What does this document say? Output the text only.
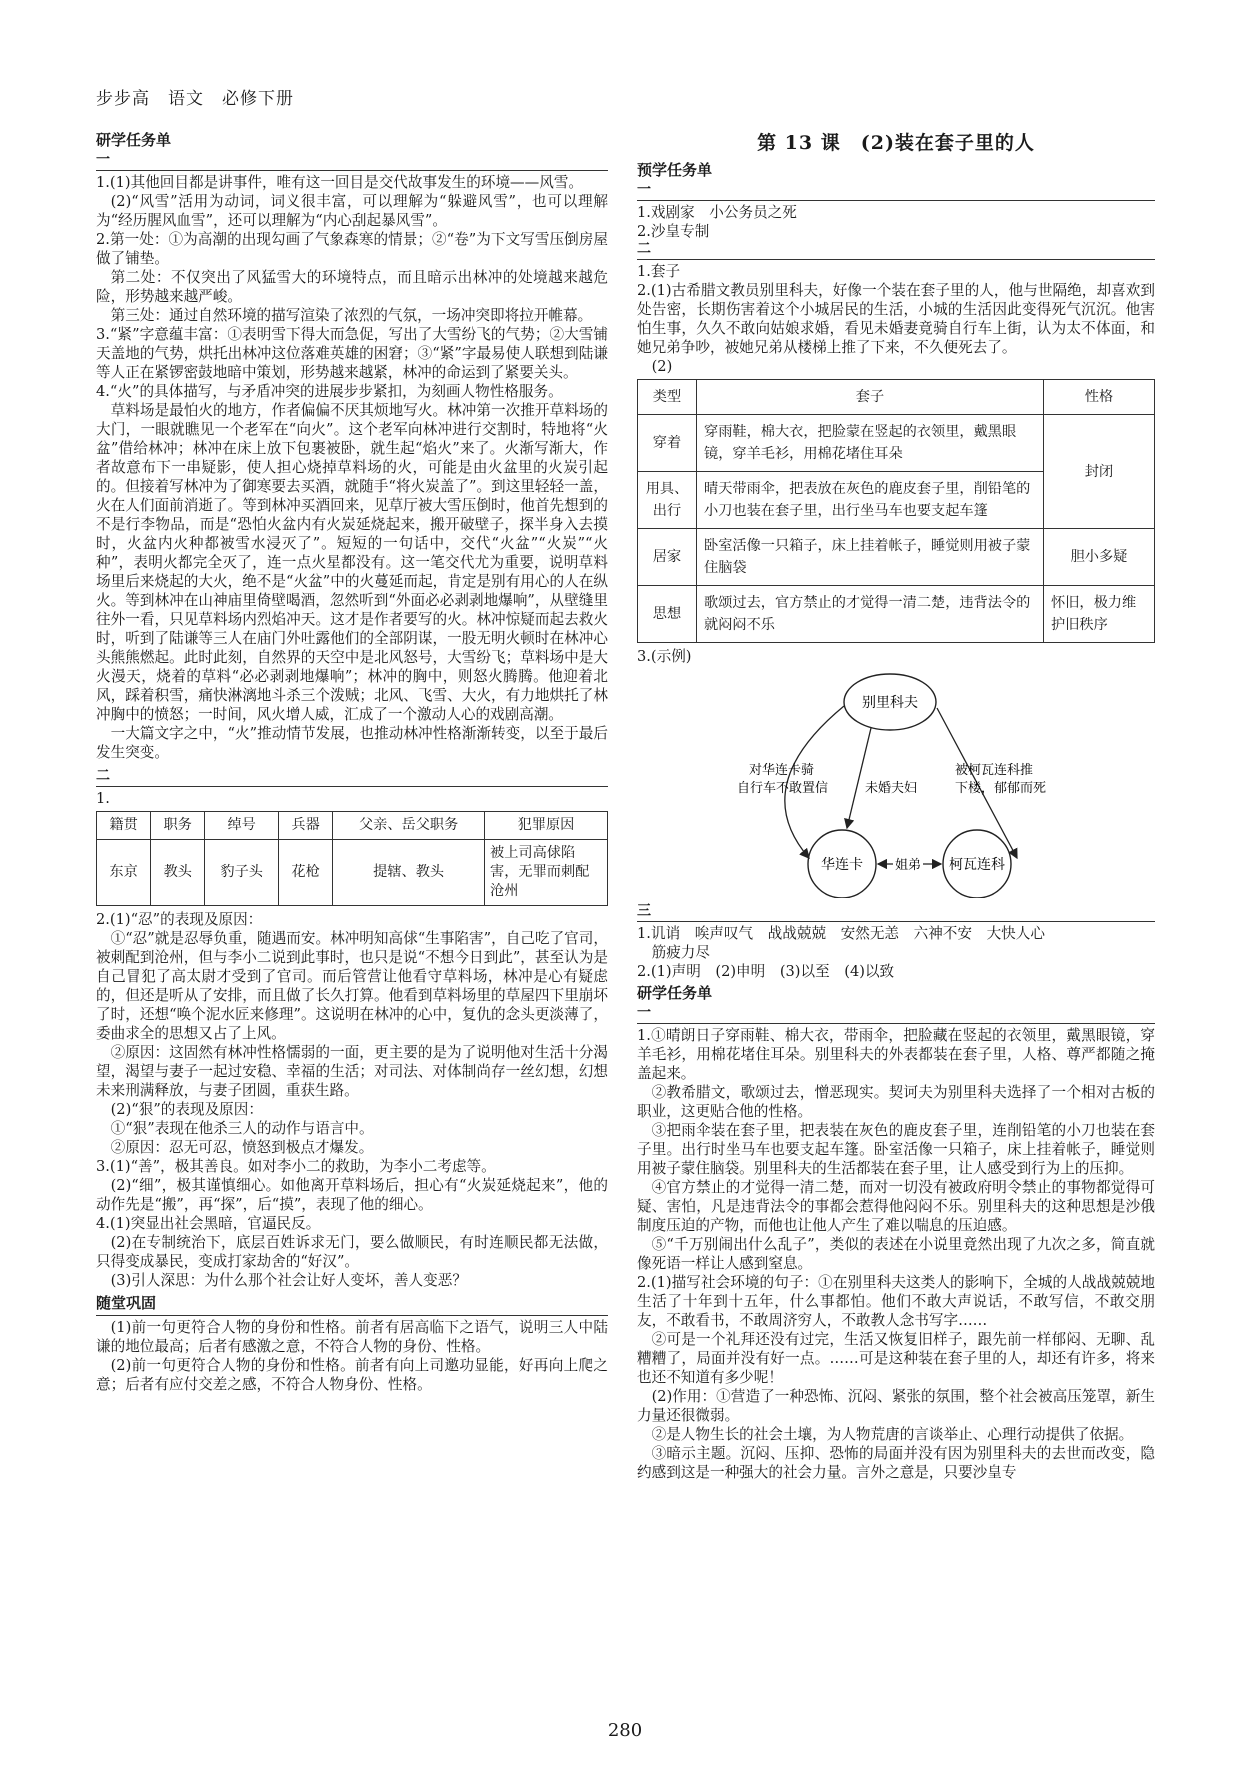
步步高　语文　必修下册
研学任务单
一

1.(1)其他回目都是讲事件，唯有这一回目是交代故事发生的环境——风雪。

(2)“风雪”活用为动词，词义很丰富，可以理解为“躲避风雪”，也可以理解为“经历腥风血雪”，还可以理解为“内心刮起暴风雪”。

2.第一处：①为高潮的出现勾画了气象森寒的情景；②“卷”为下文写雪压倒房屋做了铺垫。

第二处：不仅突出了风猛雪大的环境特点，而且暗示出林冲的处境越来越危险，形势越来越严峻。

第三处：通过自然环境的描写渲染了浓烈的气氛，一场冲突即将拉开帷幕。

3.“紧”字意蕴丰富：①表明雪下得大而急促，写出了大雪纷飞的气势；②大雪铺天盖地的气势，烘托出林冲这位落难英雄的困窘；③“紧”字最易使人联想到陆谦等人正在紧锣密鼓地暗中策划，形势越来越紧，林冲的命运到了紧要关头。

4.“火”的具体描写，与矛盾冲突的进展步步紧扣，为刻画人物性格服务。

草料场是最怕火的地方，作者偏偏不厌其烦地写火。林冲第一次推开草料场的大门，一眼就瞧见一个老军在“向火”。这个老军向林冲进行交割时，特地将“火盆”借给林冲；林冲在床上放下包裹被卧，就生起“焰火”来了。火渐写渐大，作者故意布下一串疑影，使人担心烧掉草料场的火，可能是由火盆里的火炭引起的。但接着写林冲为了御寒要去买酒，就随手“将火炭盖了”。到这里轻轻一盖，火在人们面前消逝了。等到林冲买酒回来，见草厅被大雪压倒时，他首先想到的不是行李物品，而是“恐怕火盆内有火炭延烧起来，搬开破壁子，探半身入去摸时，火盆内火种都被雪水浸灭了”。短短的一句话中，交代“火盆”“火炭”“火种”，表明火都完全灭了，连一点火星都没有。这一笔交代尤为重要，说明草料场里后来烧起的大火，绝不是“火盆”中的火蔓延而起，肯定是别有用心的人在纵火。等到林冲在山神庙里倚壁喝酒，忽然听到“外面必必剥剥地爆响”，从壁缝里往外一看，只见草料场内烈焰冲天。这才是作者要写的火。林冲惊疑而起去救火时，听到了陆谦等三人在庙门外吐露他们的全部阴谋，一股无明火顿时在林冲心头熊熊燃起。此时此刻，自然界的天空中是北风怒号，大雪纷飞；草料场中是大火漫天，烧着的草料“必必剥剥地爆响”；林冲的胸中，则怒火腾腾。他迎着北风，踩着积雪，痛快淋漓地斗杀三个泼贼；北风、飞雪、大火，有力地烘托了林冲胸中的愤怒；一时间，风火增人威，汇成了一个激动人心的戏剧高潮。

一大篇文字之中，“火”推动情节发展，也推动林冲性格渐渐转变，以至于最后发生突变。

二

1.

籍贯	职务	绰号	兵器	父亲、岳父职务	犯罪原因
东京	教头	豹子头	花枪	提辖、教头	被上司高俅陷害，无罪而刺配沧州

2.(1)“忍”的表现及原因：

①“忍”就是忍辱负重，随遇而安。林冲明知高俅“生事陷害”，自己吃了官司，被刺配到沧州，但与李小二说到此事时，也只是说“不想今日到此”，甚至认为是自己冒犯了高太尉才受到了官司。而后管营让他看守草料场，林冲是心有疑虑的，但还是听从了安排，而且做了长久打算。他看到草料场里的草屋四下里崩坏了时，还想“唤个泥水匠来修理”。这说明在林冲的心中，复仇的念头更淡薄了，委曲求全的思想又占了上风。

②原因：这固然有林冲性格懦弱的一面，更主要的是为了说明他对生活十分渴望，渴望与妻子一起过安稳、幸福的生活；对司法、对体制尚存一丝幻想，幻想未来刑满释放，与妻子团圆，重获生路。

(2)“狠”的表现及原因：

①“狠”表现在他杀三人的动作与语言中。

②原因：忍无可忍，愤怒到极点才爆发。

3.(1)“善”，极其善良。如对李小二的救助，为李小二考虑等。

(2)“细”，极其谨慎细心。如他离开草料场后，担心有“火炭延烧起来”，他的动作先是“搬”，再“探”，后“摸”，表现了他的细心。

4.(1)突显出社会黑暗，官逼民反。

(2)在专制统治下，底层百姓诉求无门，要么做顺民，有时连顺民都无法做，只得变成暴民，变成打家劫舍的“好汉”。

(3)引人深思：为什么那个社会让好人变坏，善人变恶？

随堂巩固

(1)前一句更符合人物的身份和性格。前者有居高临下之语气，说明三人中陆谦的地位最高；后者有感激之意，不符合人物的身份、性格。

(2)前一句更符合人物的身份和性格。前者有向上司邀功显能，好再向上爬之意；后者有应付交差之感，不符合人物身份、性格。

第 13 课　(2)装在套子里的人
预学任务单
一

1.戏剧家　小公务员之死

2.沙皇专制

二

1.套子

2.(1)古希腊文教员别里科夫，好像一个装在套子里的人，他与世隔绝，却喜欢到处告密，长期伤害着这个小城居民的生活，小城的生活因此变得死气沉沉。他害怕生事，久久不敢向姑娘求婚，看见未婚妻竟骑自行车上街，认为太不体面，和她兄弟争吵，被她兄弟从楼梯上推了下来，不久便死去了。

(2)

类型	套子	性格
穿着	穿雨鞋，棉大衣，把脸蒙在竖起的衣领里，戴黑眼镜，穿羊毛衫，用棉花堵住耳朵	封闭
用具、出行	晴天带雨伞，把表放在灰色的鹿皮套子里，削铅笔的小刀也装在套子里，出行坐马车也要支起车篷	
居家	卧室活像一只箱子，床上挂着帐子，睡觉则用被子蒙住脑袋	胆小多疑
思想	歌颂过去，官方禁止的才觉得一清二楚，违背法令的就闷闷不乐	怀旧，极力维护旧秩序

3.(示例)

别里科夫
华连卡	柯瓦连科
对华连卡骑
自行车不敢置信	未婚夫妇
被柯瓦连科推
下楼，郁郁而死
姐弟
三

1.讥诮　唉声叹气　战战兢兢　安然无恙　六神不安　大快人心

筋疲力尽

2.(1)声明　(2)申明　(3)以至　(4)以致

研学任务单
一

1.①晴朗日子穿雨鞋、棉大衣，带雨伞，把脸藏在竖起的衣领里，戴黑眼镜，穿羊毛衫，用棉花堵住耳朵。别里科夫的外表都装在套子里，人格、尊严都随之掩盖起来。

②教希腊文，歌颂过去，憎恶现实。契诃夫为别里科夫选择了一个相对古板的职业，这更贴合他的性格。

③把雨伞装在套子里，把表装在灰色的鹿皮套子里，连削铅笔的小刀也装在套子里。出行时坐马车也要支起车篷。卧室活像一只箱子，床上挂着帐子，睡觉则用被子蒙住脑袋。别里科夫的生活都装在套子里，让人感受到行为上的压抑。

④官方禁止的才觉得一清二楚，而对一切没有被政府明令禁止的事物都觉得可疑、害怕，凡是违背法令的事都会惹得他闷闷不乐。别里科夫的这种思想是沙俄制度压迫的产物，而他也让他人产生了难以喘息的压迫感。

⑤“千万别闹出什么乱子”，类似的表述在小说里竟然出现了九次之多，简直就像死语一样让人感到窒息。

2.(1)描写社会环境的句子：①在别里科夫这类人的影响下，全城的人战战兢兢地生活了十年到十五年，什么事都怕。他们不敢大声说话，不敢写信，不敢交朋友，不敢看书，不敢周济穷人，不敢教人念书写字……

②可是一个礼拜还没有过完，生活又恢复旧样子，跟先前一样郁闷、无聊、乱糟糟了，局面并没有好一点。……可是这种装在套子里的人，却还有许多，将来也还不知道有多少呢！

(2)作用：①营造了一种恐怖、沉闷、紧张的氛围，整个社会被高压笼罩，新生力量还很微弱。

②是人物生长的社会土壤，为人物荒唐的言谈举止、心理行动提供了依据。

③暗示主题。沉闷、压抑、恐怖的局面并没有因为别里科夫的去世而改变，隐约感到这是一种强大的社会力量。言外之意是，只要沙皇专

280
